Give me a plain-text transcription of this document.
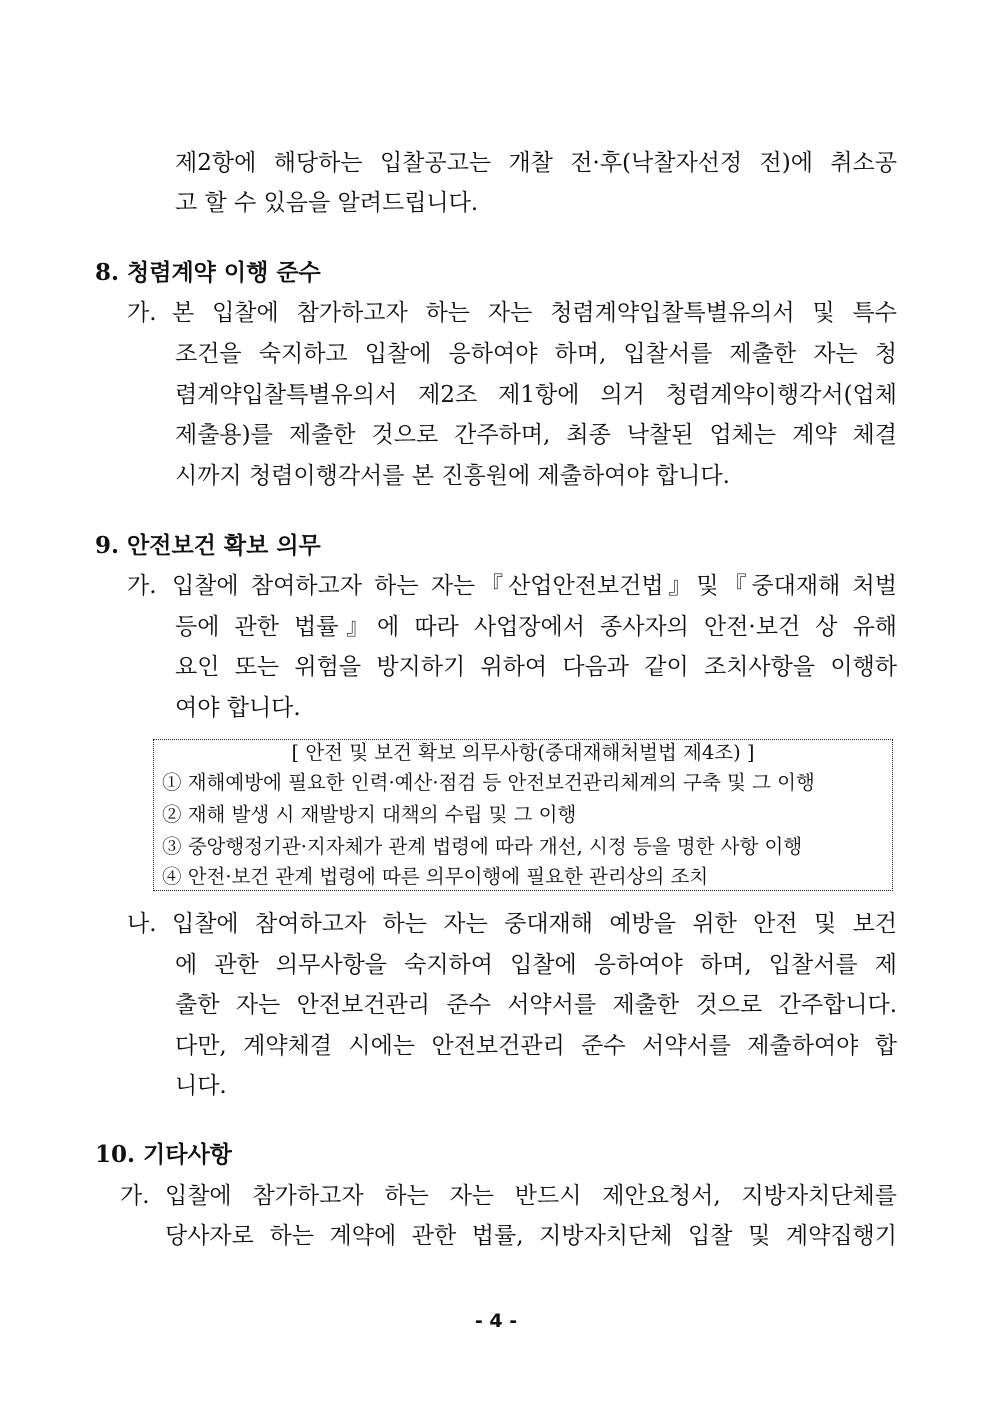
제2항에 해당하는 입찰공고는 개찰 전·후(낙찰자선정 전)에 취소공
고 할 수 있음을 알려드립니다.
8. 청렴계약 이행 준수
가. 본 입찰에 참가하고자 하는 자는 청렴계약입찰특별유의서 및 특수
조건을 숙지하고 입찰에 응하여야 하며, 입찰서를 제출한 자는 청
렴계약입찰특별유의서 제2조 제1항에 의거 청렴계약이행각서(업체
제출용)를 제출한 것으로 간주하며, 최종 낙찰된 업체는 계약 체결
시까지 청렴이행각서를 본 진흥원에 제출하여야 합니다.
9. 안전보건 확보 의무
가. 입찰에 참여하고자 하는 자는『산업안전보건법』및『중대재해 처벌
등에 관한 법률』에 따라 사업장에서 종사자의 안전·보건 상 유해
요인 또는 위험을 방지하기 위하여 다음과 같이 조치사항을 이행하
여야 합니다.
[ 안전 및 보건 확보 의무사항(중대재해처벌법 제4조) ]
① 재해예방에 필요한 인력·예산·점검 등 안전보건관리체계의 구축 및 그 이행
② 재해 발생 시 재발방지 대책의 수립 및 그 이행
③ 중앙행정기관·지자체가 관계 법령에 따라 개선, 시정 등을 명한 사항 이행
④ 안전·보건 관계 법령에 따른 의무이행에 필요한 관리상의 조치
나. 입찰에 참여하고자 하는 자는 중대재해 예방을 위한 안전 및 보건
에 관한 의무사항을 숙지하여 입찰에 응하여야 하며, 입찰서를 제
출한 자는 안전보건관리 준수 서약서를 제출한 것으로 간주합니다.
다만, 계약체결 시에는 안전보건관리 준수 서약서를 제출하여야 합
니다.
10. 기타사항
가. 입찰에 참가하고자 하는 자는 반드시 제안요청서, 지방자치단체를
당사자로 하는 계약에 관한 법률, 지방자치단체 입찰 및 계약집행기
- 4 -
